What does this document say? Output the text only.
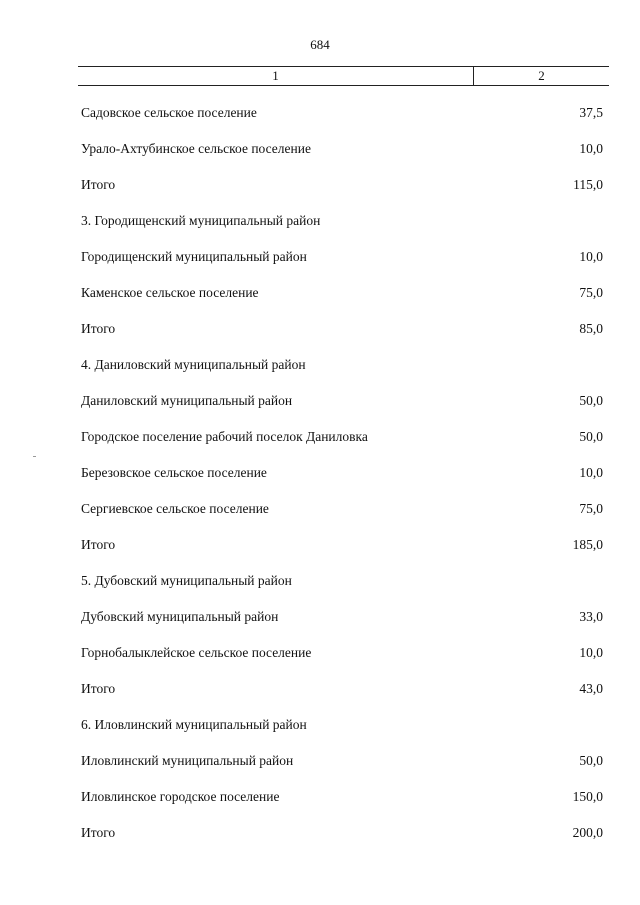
684
1	2
Садовское сельское поселение	37,5
Урало-Ахтубинское сельское поселение	10,0
Итого	115,0
3. Городищенский муниципальный район
Городищенский муниципальный район	10,0
Каменское сельское поселение	75,0
Итого	85,0
4. Даниловский муниципальный район
Даниловский муниципальный район	50,0
Городское поселение рабочий поселок Даниловка	50,0
Березовское сельское поселение	10,0
Сергиевское сельское поселение	75,0
Итого	185,0
5. Дубовский муниципальный район
Дубовский муниципальный район	33,0
Горнобалыклейское сельское поселение	10,0
Итого	43,0
6. Иловлинский муниципальный район
Иловлинский муниципальный район	50,0
Иловлинское городское поселение	150,0
Итого	200,0
